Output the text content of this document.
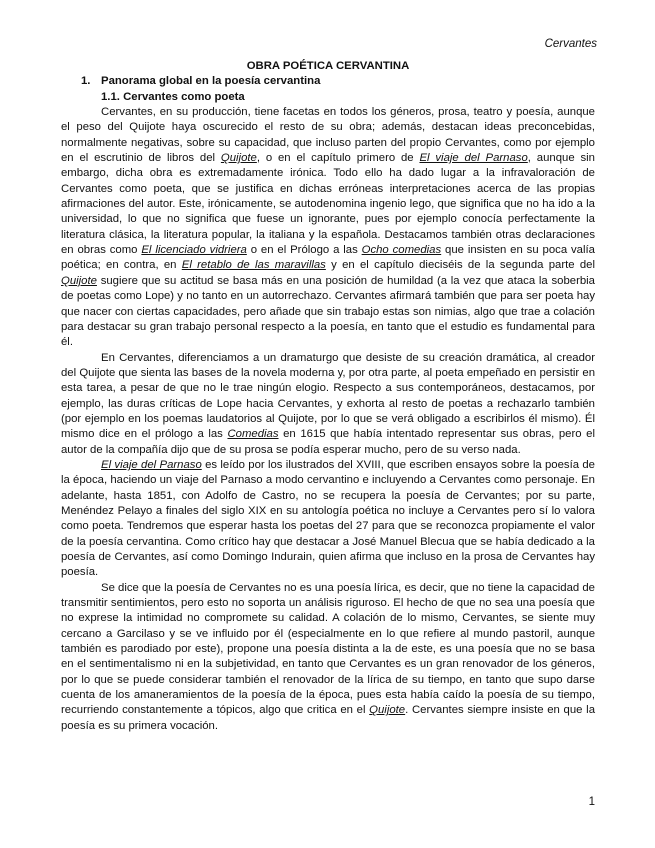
Cervantes

OBRA POÉTICA CERVANTINA

1. Panorama global en la poesía cervantina

1.1. Cervantes como poeta

Cervantes, en su producción, tiene facetas en todos los géneros, prosa, teatro y poesía, aunque el peso del Quijote haya oscurecido el resto de su obra; además, destacan ideas preconcebidas, normalmente negativas, sobre su capacidad, que incluso parten del propio Cervantes, como por ejemplo en el escrutinio de libros del Quijote, o en el capítulo primero de El viaje del Parnaso, aunque sin embargo, dicha obra es extremadamente irónica. Todo ello ha dado lugar a la infravaloración de Cervantes como poeta, que se justifica en dichas erróneas interpretaciones acerca de las propias afirmaciones del autor. Este, irónicamente, se autodenomina ingenio lego, que significa que no ha ido a la universidad, lo que no significa que fuese un ignorante, pues por ejemplo conocía perfectamente la literatura clásica, la literatura popular, la italiana y la española. Destacamos también otras declaraciones en obras como El licenciado vidriera o en el Prólogo a las Ocho comedias que insisten en su poca valía poética; en contra, en El retablo de las maravillas y en el capítulo dieciséis de la segunda parte del Quijote sugiere que su actitud se basa más en una posición de humildad (a la vez que ataca la soberbia de poetas como Lope) y no tanto en un autorrechazo. Cervantes afirmará también que para ser poeta hay que nacer con ciertas capacidades, pero añade que sin trabajo estas son nimias, algo que trae a colación para destacar su gran trabajo personal respecto a la poesía, en tanto que el estudio es fundamental para él.

En Cervantes, diferenciamos a un dramaturgo que desiste de su creación dramática, al creador del Quijote que sienta las bases de la novela moderna y, por otra parte, al poeta empeñado en persistir en esta tarea, a pesar de que no le trae ningún elogio. Respecto a sus contemporáneos, destacamos, por ejemplo, las duras críticas de Lope hacia Cervantes, y exhorta al resto de poetas a rechazarlo también (por ejemplo en los poemas laudatorios al Quijote, por lo que se verá obligado a escribirlos él mismo). Él mismo dice en el prólogo a las Comedias en 1615 que había intentado representar sus obras, pero el autor de la compañía dijo que de su prosa se podía esperar mucho, pero de su verso nada.

El viaje del Parnaso es leído por los ilustrados del XVIII, que escriben ensayos sobre la poesía de la época, haciendo un viaje del Parnaso a modo cervantino e incluyendo a Cervantes como personaje. En adelante, hasta 1851, con Adolfo de Castro, no se recupera la poesía de Cervantes; por su parte, Menéndez Pelayo a finales del siglo XIX en su antología poética no incluye a Cervantes pero sí lo valora como poeta. Tendremos que esperar hasta los poetas del 27 para que se reconozca propiamente el valor de la poesía cervantina. Como crítico hay que destacar a José Manuel Blecua que se había dedicado a la poesía de Cervantes, así como Domingo Indurain, quien afirma que incluso en la prosa de Cervantes hay poesía.

Se dice que la poesía de Cervantes no es una poesía lírica, es decir, que no tiene la capacidad de transmitir sentimientos, pero esto no soporta un análisis riguroso. El hecho de que no sea una poesía que no exprese la intimidad no compromete su calidad. A colación de lo mismo, Cervantes, se siente muy cercano a Garcilaso y se ve influido por él (especialmente en lo que refiere al mundo pastoril, aunque también es parodiado por este), propone una poesía distinta a la de este, es una poesía que no se basa en el sentimentalismo ni en la subjetividad, en tanto que Cervantes es un gran renovador de los géneros, por lo que se puede considerar también el renovador de la lírica de su tiempo, en tanto que supo darse cuenta de los amaneramientos de la poesía de la época, pues esta había caído la poesía de su tiempo, recurriendo constantemente a tópicos, algo que critica en el Quijote. Cervantes siempre insiste en que la poesía es su primera vocación.

1
